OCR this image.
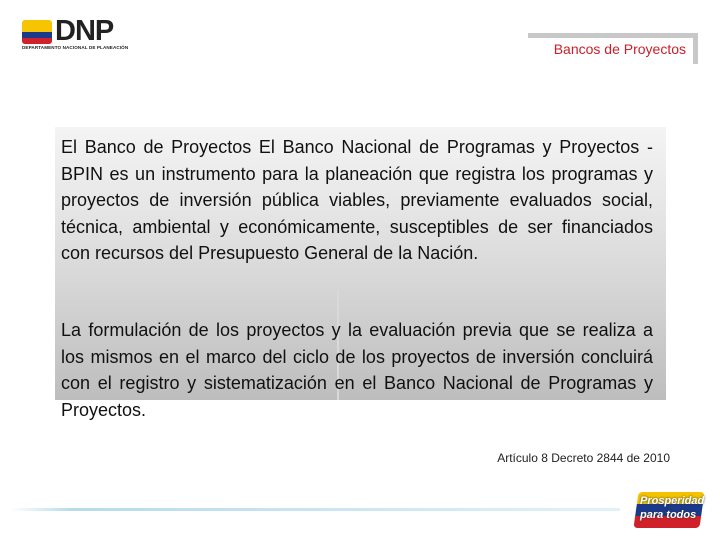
DNP
DEPARTAMENTO NACIONAL DE PLANEACIÓN	Bancos de Proyectos

El Banco de Proyectos El Banco Nacional de Programas y Proyectos - BPIN es un instrumento para la planeación que registra los programas y proyectos de inversión pública viables, previamente evaluados social, técnica, ambiental y económicamente, susceptibles de ser financiados con recursos del Presupuesto General de la Nación.

La formulación de los proyectos y la evaluación previa que se realiza a los mismos en el marco del ciclo de los proyectos de inversión concluirá con el registro y sistematización en el Banco Nacional de Programas y Proyectos.

Artículo 8 Decreto 2844 de 2010
Prosperidad
para todos
